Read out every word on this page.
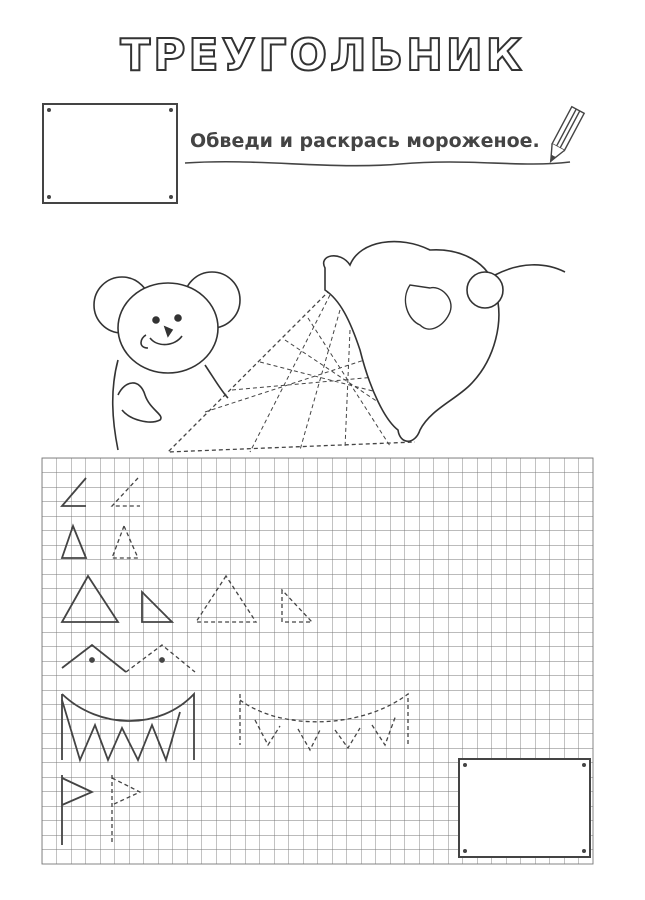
ТРЕУГОЛЬНИК
Обведи и раскрась мороженое.
